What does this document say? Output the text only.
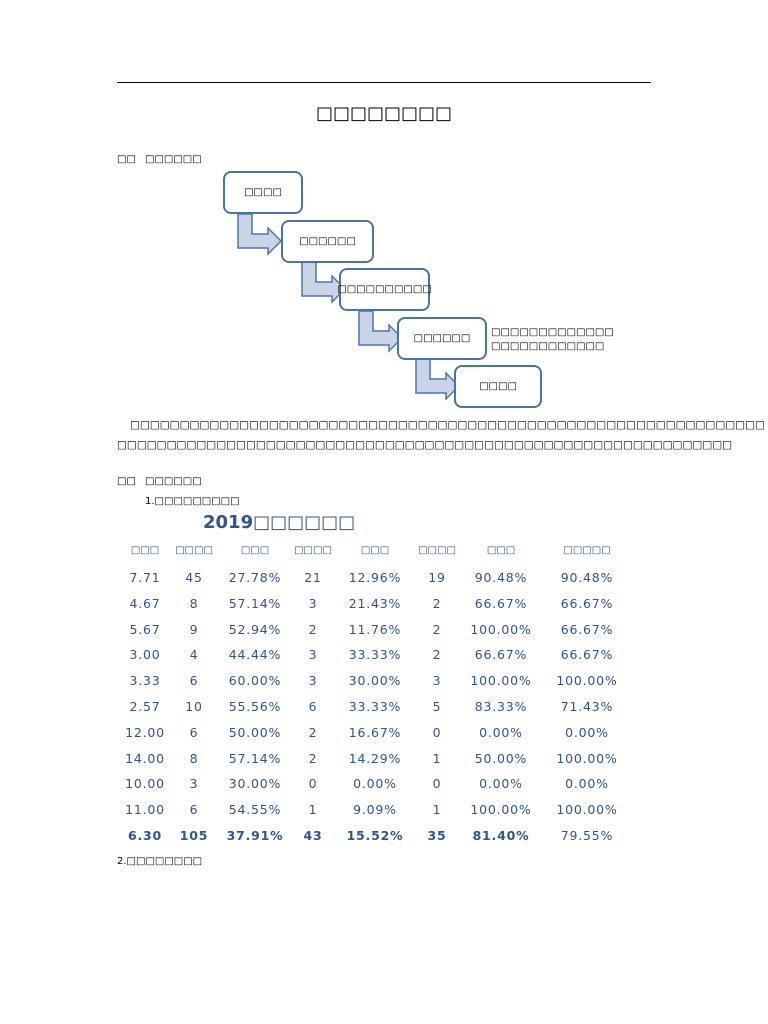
□□□□□□□□
□□ □□□□□□
□□□□
□□□□□□
□□□□□□□□□□
□□□□□□
□□□□
□□□□□□□□□□□□□
□□□□□□□□□□□□
□□□□□□□□□□□□□□□□□□□□□□□□□□□□□□□□□□□□□□□□□□□□□□□□□□□□□□□□□□□□□□□□
□□□□□□□□□□□□□□□□□□□□□□□□□□□□□□□□□□□□□□□□□□□□□□□□□□□□□□□□□□□□□□
□□ □□□□□□
1.□□□□□□□□□
2019□□□□□□
□□□	□□□□	□□□	□□□□	□□□	□□□□	□□□	□□□□□
7.71	45	27.78%	21	12.96%	19	90.48%	90.48%
4.67	8	57.14%	3	21.43%	2	66.67%	66.67%
5.67	9	52.94%	2	11.76%	2	100.00%	66.67%
3.00	4	44.44%	3	33.33%	2	66.67%	66.67%
3.33	6	60.00%	3	30.00%	3	100.00%	100.00%
2.57	10	55.56%	6	33.33%	5	83.33%	71.43%
12.00	6	50.00%	2	16.67%	0	0.00%	0.00%
14.00	8	57.14%	2	14.29%	1	50.00%	100.00%
10.00	3	30.00%	0	0.00%	0	0.00%	0.00%
11.00	6	54.55%	1	9.09%	1	100.00%	100.00%
6.30	105	37.91%	43	15.52%	35	81.40%	79.55%
2.□□□□□□□□
